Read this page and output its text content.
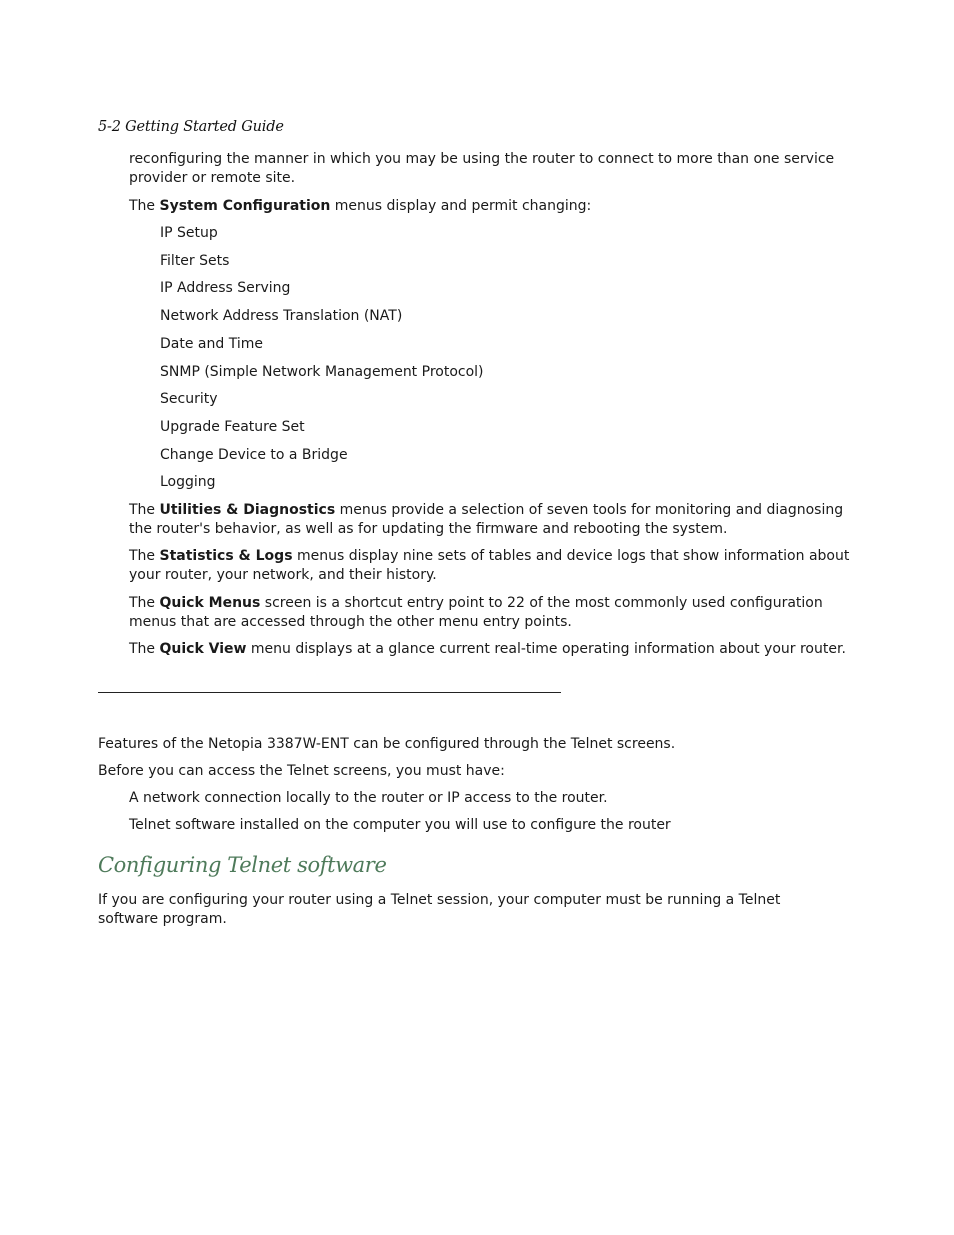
5-2 Getting Started Guide
reconfiguring the manner in which you may be using the router to connect to more than one service provider or remote site.
The System Configuration menus display and permit changing:
IP Setup
Filter Sets
IP Address Serving
Network Address Translation (NAT)
Date and Time
SNMP (Simple Network Management Protocol)
Security
Upgrade Feature Set
Change Device to a Bridge
Logging
The Utilities & Diagnostics menus provide a selection of seven tools for monitoring and diagnosing the router's behavior, as well as for updating the firmware and rebooting the system.
The Statistics & Logs menus display nine sets of tables and device logs that show information about your router, your network, and their history.
The Quick Menus screen is a shortcut entry point to 22 of the most commonly used configuration menus that are accessed through the other menu entry points.
The Quick View menu displays at a glance current real-time operating information about your router.
Features of the Netopia 3387W-ENT can be configured through the Telnet screens.
Before you can access the Telnet screens, you must have:
A network connection locally to the router or IP access to the router.
Telnet software installed on the computer you will use to configure the router
Configuring Telnet software
If you are configuring your router using a Telnet session, your computer must be running a Telnet software program.
